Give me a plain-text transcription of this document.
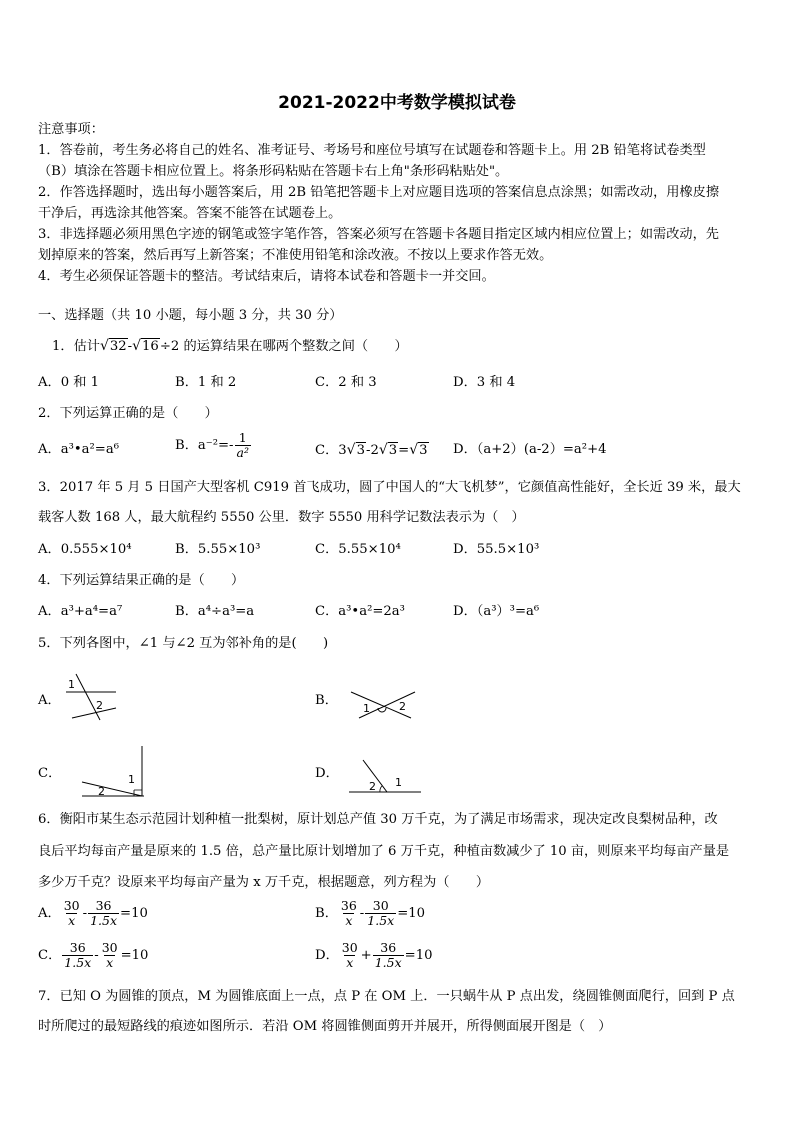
2021-2022中考数学模拟试卷
注意事项：
1．答卷前，考生务必将自己的姓名、准考证号、考场号和座位号填写在试题卷和答题卡上。用 2B 铅笔将试卷类型
（B）填涂在答题卡相应位置上。将条形码粘贴在答题卡右上角"条形码粘贴处"。
2．作答选择题时，选出每小题答案后，用 2B 铅笔把答题卡上对应题目选项的答案信息点涂黑；如需改动，用橡皮擦
干净后，再选涂其他答案。答案不能答在试题卷上。
3．非选择题必须用黑色字迹的钢笔或签字笔作答，答案必须写在答题卡各题目指定区域内相应位置上；如需改动，先
划掉原来的答案，然后再写上新答案；不准使用铅笔和涂改液。不按以上要求作答无效。
4．考生必须保证答题卡的整洁。考试结束后，请将本试卷和答题卡一并交回。
一、选择题（共 10 小题，每小题 3 分，共 30 分）
1．估计√32-√16÷2 的运算结果在哪两个整数之间（　　）
A．0 和 1	B．1 和 2	C．2 和 3	D．3 和 4
2．下列运算正确的是（　　）
A．a³•a²=a⁶	B．$a^{-2}=- \frac{1}{\text{a²}}$	C．3√3-2√3=√3 D．（a+2）(a-2）=a²+4
3．2017 年 5 月 5 日国产大型客机 C919 首飞成功，圆了中国人的“大飞机梦”，它颜值高性能好，全长近 39 米，最大
载客人数 168 人，最大航程约 5550 公里．数字 5550 用科学记数法表示为（　）
A．0.555×10⁴	B．5.55×10³	C．5.55×10⁴	D．55.5×10³
4．下列运算结果正确的是（　　）
A．a³+a⁴=a⁷	B．a⁴÷a³=a	C．a³•a²=2a³	D．（a³）³=a⁶
5．下列各图中，∠1 与∠2 互为邻补角的是(　　)
A．
1
2	B．
1	2
C．	1
2
D．
1
2
6．衡阳市某生态示范园计划种植一批梨树，原计划总产值 30 万千克，为了满足市场需求，现决定改良梨树品种，改
良后平均每亩产量是原来的 1.5 倍，总产量比原计划增加了 6 万千克，种植亩数减少了 10 亩，则原来平均每亩产量是
多少万千克？设原来平均每亩产量为 x 万千克，根据题意，列方程为（　　）
A． $\frac{30}{x} - \frac{36}{1.5x} =10$	B． $\frac{36}{x} - \frac{30}{1.5x} =10$
C． $\frac{36}{1.5x} - \frac{30}{x} =10$	D． $\frac{30}{x} + \frac{36}{1.5x} =10$
7．已知 O 为圆锥的顶点，M 为圆锥底面上一点，点 P 在 OM 上．一只蜗牛从 P 点出发，绕圆锥侧面爬行，回到 P 点
时所爬过的最短路线的痕迹如图所示．若沿 OM 将圆锥侧面剪开并展开，所得侧面展开图是（　）
